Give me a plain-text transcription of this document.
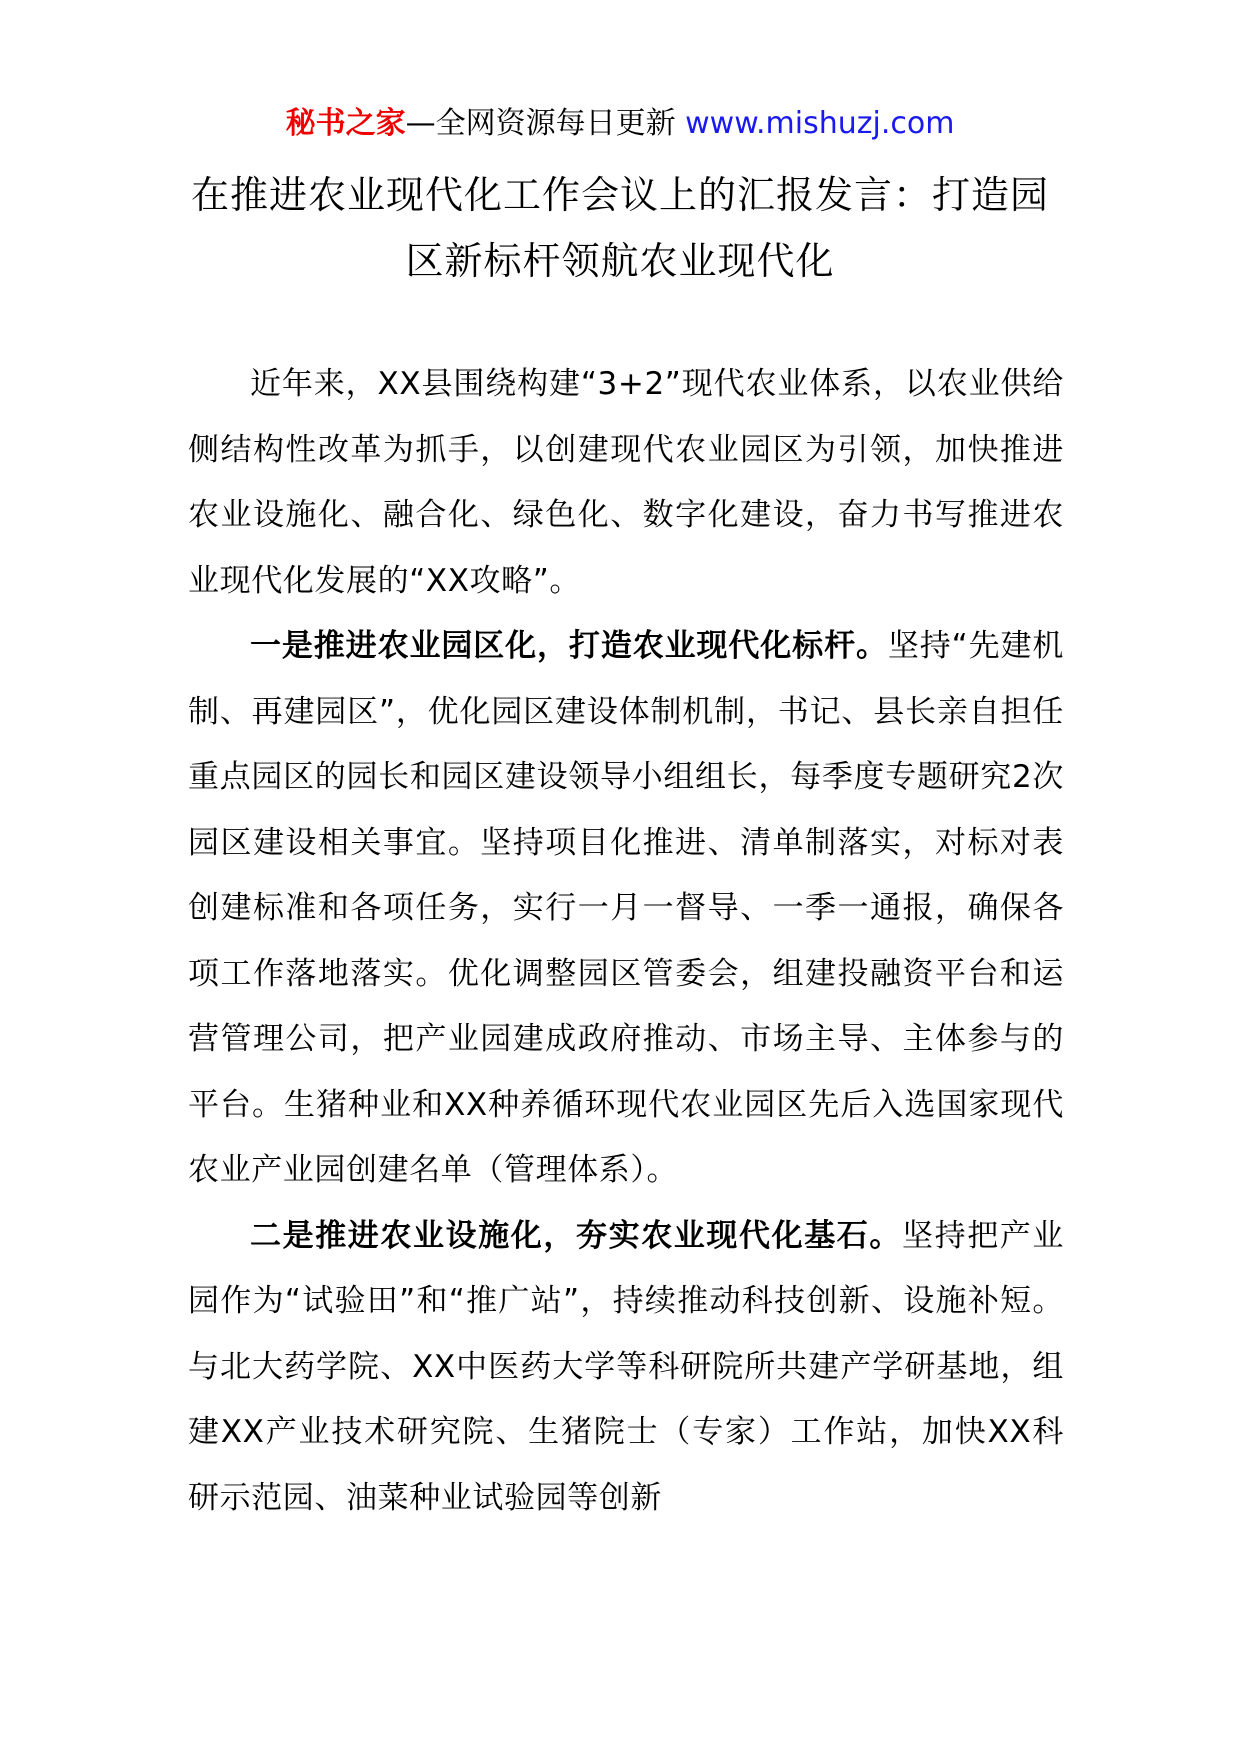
秘书之家—全网资源每日更新 www.mishuzj.com
在推进农业现代化工作会议上的汇报发言：打造园区新标杆领航农业现代化

近年来，XX县围绕构建“3+2”现代农业体系，以农业供给侧结构性改革为抓手，以创建现代农业园区为引领，加快推进农业设施化、融合化、绿色化、数字化建设，奋力书写推进农业现代化发展的“XX攻略”。

一是推进农业园区化，打造农业现代化标杆。坚持“先建机制、再建园区”，优化园区建设体制机制，书记、县长亲自担任重点园区的园长和园区建设领导小组组长，每季度专题研究2次园区建设相关事宜。坚持项目化推进、清单制落实，对标对表创建标准和各项任务，实行一月一督导、一季一通报，确保各项工作落地落实。优化调整园区管委会，组建投融资平台和运营管理公司，把产业园建成政府推动、市场主导、主体参与的平台。生猪种业和XX种养循环现代农业园区先后入选国家现代农业产业园创建名单（管理体系）。

二是推进农业设施化，夯实农业现代化基石。坚持把产业园作为“试验田”和“推广站”，持续推动科技创新、设施补短。与北大药学院、XX中医药大学等科研院所共建产学研基地，组建XX产业技术研究院、生猪院士（专家）工作站，加快XX科研示范园、油菜种业试验园等创新
